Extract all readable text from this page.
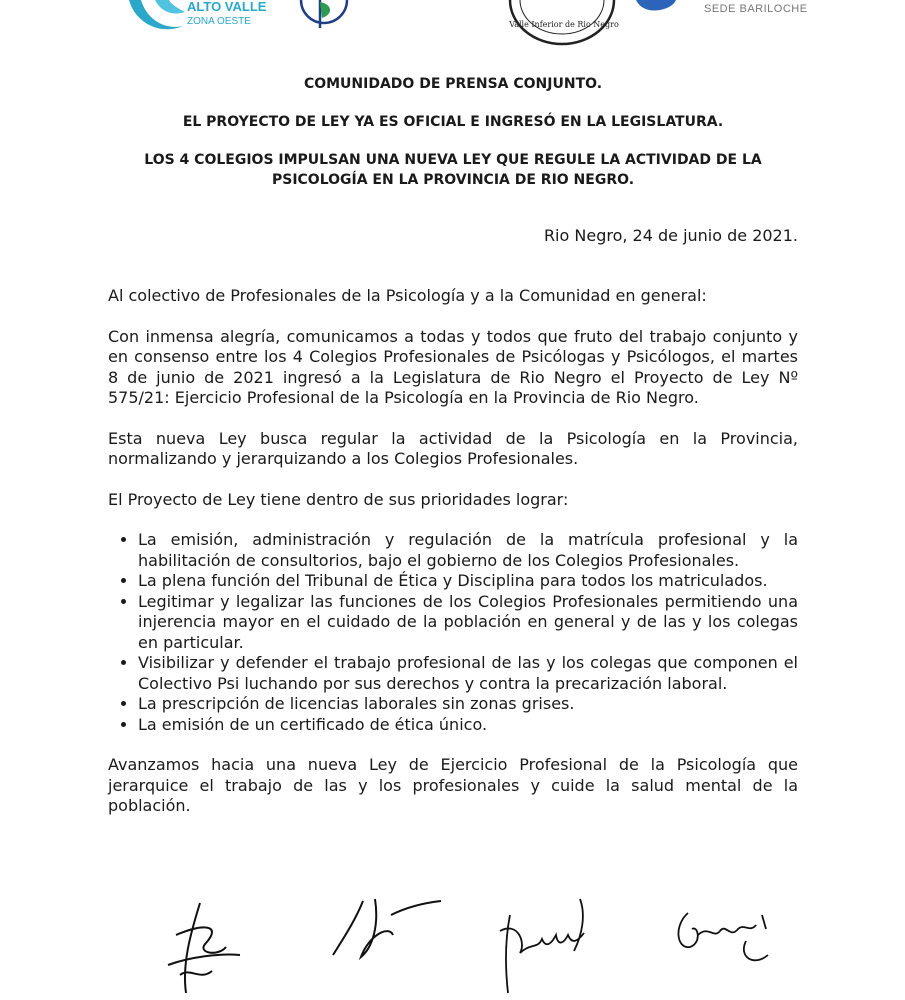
ALTO VALLE
ZONA OESTE	Valle Inferior de Rio Negro
SEDE BARILOCHE

COMUNIDADO DE PRENSA CONJUNTO.

EL PROYECTO DE LEY YA ES OFICIAL E INGRESÓ EN LA LEGISLATURA.

LOS 4 COLEGIOS IMPULSAN UNA NUEVA LEY QUE REGULE LA ACTIVIDAD DE LA PSICOLOGÍA EN LA PROVINCIA DE RIO NEGRO.

Rio Negro, 24 de junio de 2021.

Al colectivo de Profesionales de la Psicología y a la Comunidad en general:

Con inmensa alegría, comunicamos a todas y todos que fruto del trabajo conjunto y en consenso entre los 4 Colegios Profesionales de Psicólogas y Psicólogos, el martes 8 de junio de 2021 ingresó a la Legislatura de Rio Negro el Proyecto de Ley Nº 575/21: Ejercicio Profesional de la Psicología en la Provincia de Rio Negro.

Esta nueva Ley busca regular la actividad de la Psicología en la Provincia, normalizando y jerarquizando a los Colegios Profesionales.

El Proyecto de Ley tiene dentro de sus prioridades lograr:

• La emisión, administración y regulación de la matrícula profesional y la habilitación de consultorios, bajo el gobierno de los Colegios Profesionales.
• La plena función del Tribunal de Ética y Disciplina para todos los matriculados.
• Legitimar y legalizar las funciones de los Colegios Profesionales permitiendo una injerencia mayor en el cuidado de la población en general y de las y los colegas en particular.
• Visibilizar y defender el trabajo profesional de las y los colegas que componen el Colectivo Psi luchando por sus derechos y contra la precarización laboral.
• La prescripción de licencias laborales sin zonas grises.
• La emisión de un certificado de ética único.

Avanzamos hacia una nueva Ley de Ejercicio Profesional de la Psicología que jerarquice el trabajo de las y los profesionales y cuide la salud mental de la población.
